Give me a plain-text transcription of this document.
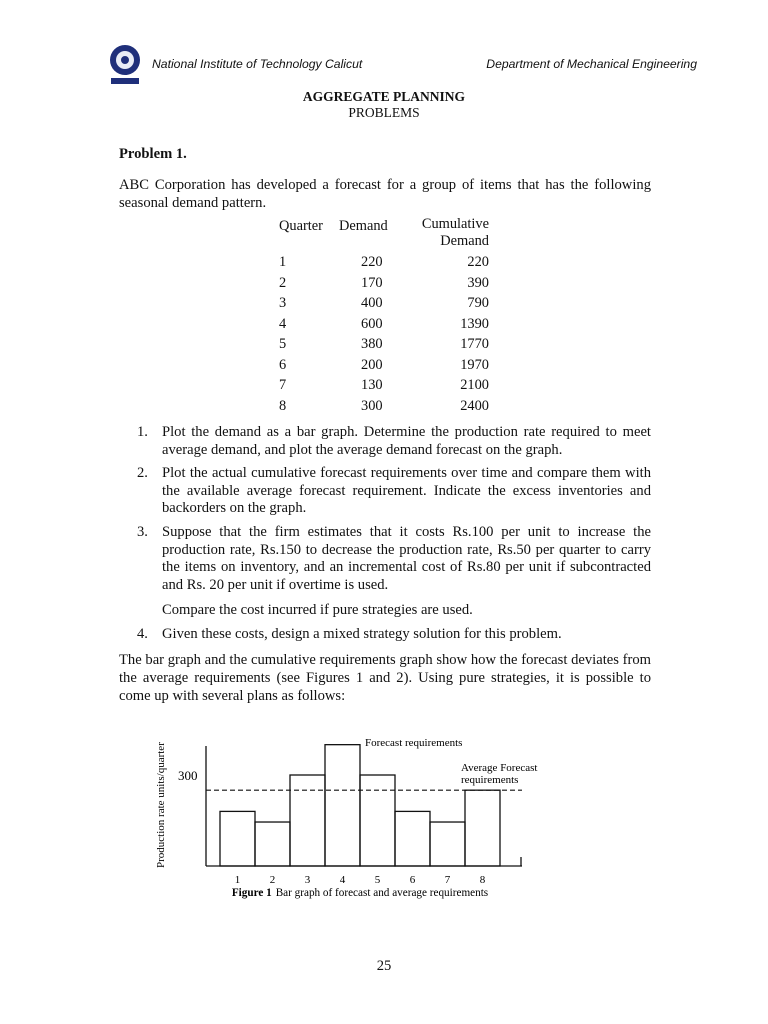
National Institute of Technology Calicut	Department of Mechanical Engineering
AGGREGATE PLANNING
PROBLEMS
Problem 1.
ABC Corporation has developed a forecast for a group of items that has the following seasonal demand pattern.
Quarter	Demand	Cumulative Demand
1	220	220
2	170	390
3	400	790
4	600	1390
5	380	1770
6	200	1970
7	130	2100
8	300	2400
1. Plot the demand as a bar graph. Determine the production rate required to meet average demand, and plot the average demand forecast on the graph.
2. Plot the actual cumulative forecast requirements over time and compare them with the available average forecast requirement. Indicate the excess inventories and backorders on the graph.
3. Suppose that the firm estimates that it costs Rs.100 per unit to increase the production rate, Rs.150 to decrease the production rate, Rs.50 per quarter to carry the items on inventory, and an incremental cost of Rs.80 per unit if subcontracted and Rs. 20 per unit if overtime is used.
Compare the cost incurred if pure strategies are used.
4. Given these costs, design a mixed strategy solution for this problem.
The bar graph and the cumulative requirements graph show how the forecast deviates from the average requirements (see Figures 1 and 2). Using pure strategies, it is possible to come up with several plans as follows:
1	2	3	4	5	6	7	8
300
Production rate units/quarter	Forecast requirements
Average Forecast requirements
Figure 1 Bar graph of forecast and average requirements
25
